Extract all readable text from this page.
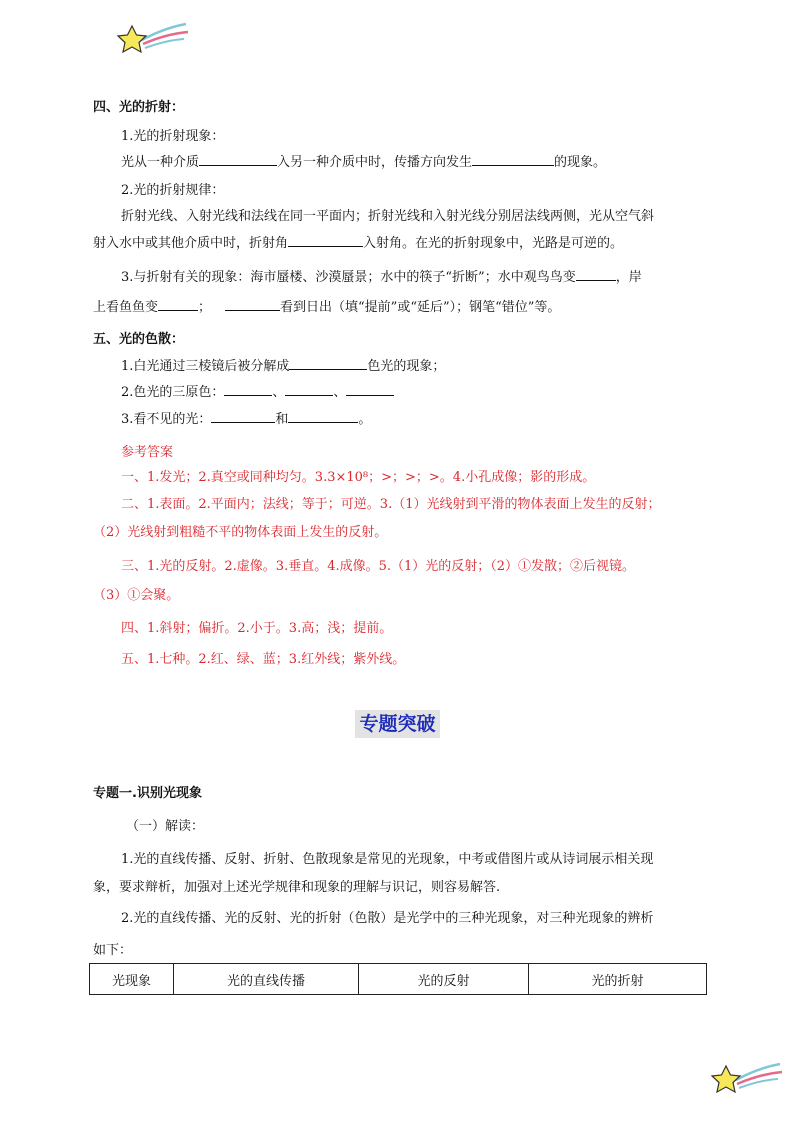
四、光的折射：
1.光的折射现象：
光从一种介质	入另一种介质中时，传播方向发生	的现象。
2.光的折射规律：
折射光线、入射光线和法线在同一平面内；折射光线和入射光线分别居法线两侧，光从空气斜
射入水中或其他介质中时，折射角	入射角。在光的折射现象中，光路是可逆的。
3.与折射有关的现象：海市蜃楼、沙漠蜃景；水中的筷子“折断”；水中观鸟鸟变	，岸
上看鱼鱼变	；	看到日出（填“提前”或“延后”）；钢笔“错位”等。
五、光的色散：
1.白光通过三棱镜后被分解成	色光的现象；
2.色光的三原色：	、	、
3.看不见的光：	和	。
参考答案
一、1.发光；2.真空或同种均匀。3.3×10⁸；>；>；>。4.小孔成像；影的形成。
二、1.表面。2.平面内；法线；等于；可逆。3.（1）光线射到平滑的物体表面上发生的反射；
（2）光线射到粗糙不平的物体表面上发生的反射。
三、1.光的反射。2.虚像。3.垂直。4.成像。5.（1）光的反射；（2）①发散；②后视镜。
（3）①会聚。
四、1.斜射；偏折。2.小于。3.高；浅；提前。
五、1.七种。2.红、绿、蓝；3.红外线；紫外线。
专题突破
专题一.识别光现象
（一）解读：
1.光的直线传播、反射、折射、色散现象是常见的光现象，中考或借图片或从诗词展示相关现
象，要求辩析，加强对上述光学规律和现象的理解与识记，则容易解答.
2.光的直线传播、光的反射、光的折射（色散）是光学中的三种光现象，对三种光现象的辨析
如下：
光现象	光的直线传播	光的反射	光的折射
